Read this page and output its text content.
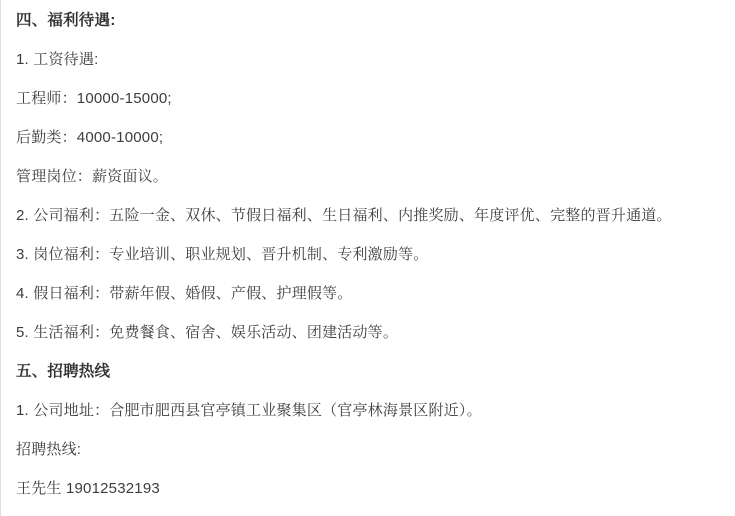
四、福利待遇:

1. 工资待遇:

工程师：10000-15000;

后勤类：4000-10000;

管理岗位：薪资面议。

2. 公司福利：五险一金、双休、节假日福利、生日福利、内推奖励、年度评优、完整的晋升通道。

3. 岗位福利：专业培训、职业规划、晋升机制、专利激励等。

4. 假日福利：带薪年假、婚假、产假、护理假等。

5. 生活福利：免费餐食、宿舍、娱乐活动、团建活动等。

五、招聘热线

1. 公司地址：合肥市肥西县官亭镇工业聚集区（官亭林海景区附近）。

招聘热线:

王先生 19012532193
